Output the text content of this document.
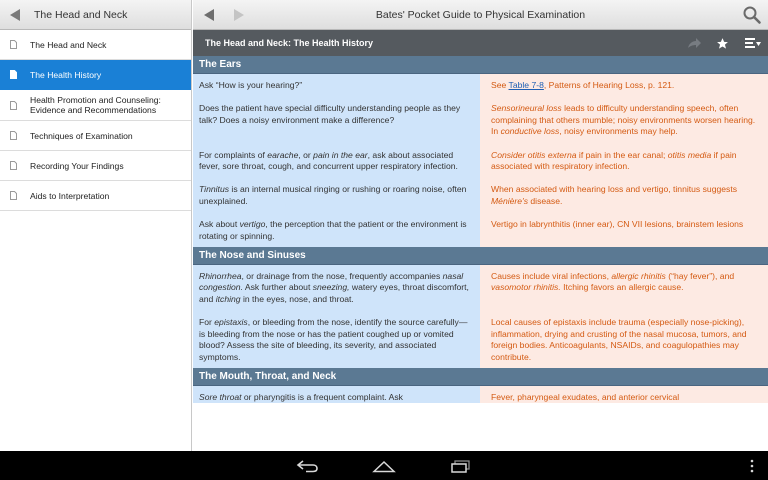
The Head and Neck
The Head and Neck
The Health History
Health Promotion and Counseling:
Evidence and Recommendations
Techniques of Examination
Recording Your Findings
Aids to Interpretation
Bates' Pocket Guide to Physical Examination
The Head and Neck: The Health History
The Ears
Ask “How is your hearing?”	See Table 7-8, Patterns of Hearing Loss, p. 121.
Does the patient have special difficulty understanding people as they talk? Does a noisy environment make a difference?
Sensorineural loss leads to difficulty understanding speech, often complaining that others mumble; noisy environments worsen hearing. In conductive loss, noisy environments may help.
For complaints of earache, or pain in the ear, ask about associated fever, sore throat, cough, and concurrent upper respiratory infection.
Consider otitis externa if pain in the ear canal; otitis media if pain associated with respiratory infection.
Tinnitus is an internal musical ringing or rushing or roaring noise, often unexplained.
When associated with hearing loss and vertigo, tinnitus suggests Ménière's disease.
Ask about vertigo, the perception that the patient or the environment is rotating or spinning.
Vertigo in labrynthitis (inner ear), CN VII lesions, brainstem lesions
The Nose and Sinuses
Rhinorrhea, or drainage from the nose, frequently accompanies nasal congestion. Ask further about sneezing, watery eyes, throat discomfort, and itching in the eyes, nose, and throat.
Causes include viral infections, allergic rhinitis (“hay fever”), and vasomotor rhinitis. Itching favors an allergic cause.
For epistaxis, or bleeding from the nose, identify the source carefully—is bleeding from the nose or has the patient coughed up or vomited blood? Assess the site of bleeding, its severity, and associated symptoms.
Local causes of epistaxis include trauma (especially nose-picking), inflammation, drying and crusting of the nasal mucosa, tumors, and foreign bodies. Anticoagulants, NSAIDs, and coagulopathies may contribute.
The Mouth, Throat, and Neck
Sore throat or pharyngitis is a frequent complaint. Ask	Fever, pharyngeal exudates, and anterior cervical
